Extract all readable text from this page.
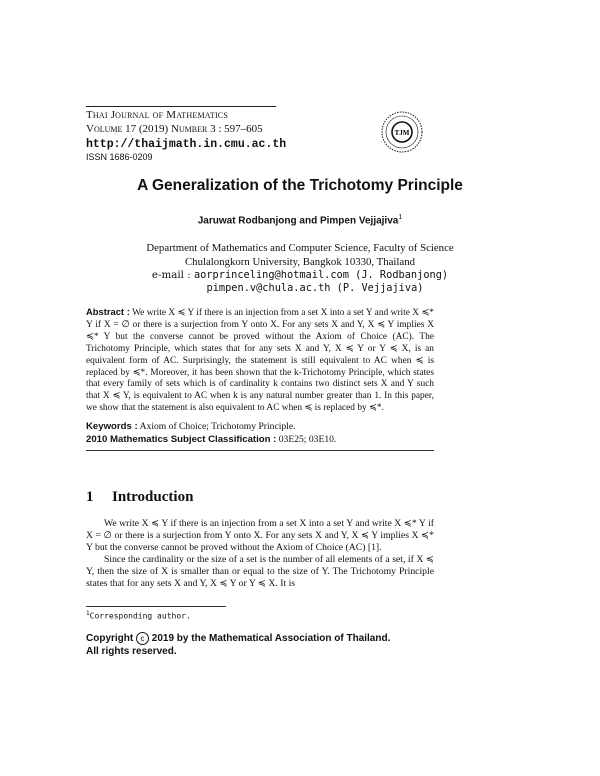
Thai Journal of Mathematics
Volume 17 (2019) Number 3 : 597–605
http://thaijmath.in.cmu.ac.th
ISSN 1686-0209
TJM
A Generalization of the Trichotomy Principle
Jaruwat Rodbanjong and Pimpen Vejjajiva$^1$
Department of Mathematics and Computer Science, Faculty of Science
Chulalongkorn University, Bangkok 10330, Thailand
e-mail : aorprinceling@hotmail.com (J. Rodbanjong)
pimpen.v@chula.ac.th (P. Vejjajiva)
Abstract : We write X ≼ Y if there is an injection from a set X into a set Y and write X ≼* Y if X = ∅ or there is a surjection from Y onto X. For any sets X and Y, X ≼ Y implies X ≼* Y but the converse cannot be proved without the Axiom of Choice (AC). The Trichotomy Principle, which states that for any sets X and Y, X ≼ Y or Y ≼ X, is an equivalent form of AC. Surprisingly, the statement is still equivalent to AC when ≼ is replaced by ≼*. Moreover, it has been shown that the k-Trichotomy Principle, which states that every family of sets which is of cardinality k contains two distinct sets X and Y such that X ≼ Y, is equivalent to AC when k is any natural number greater than 1. In this paper, we show that the statement is also equivalent to AC when ≼ is replaced by ≼*.
Keywords : Axiom of Choice; Trichotomy Principle.
2010 Mathematics Subject Classification : 03E25; 03E10.
1 Introduction

We write X ≼ Y if there is an injection from a set X into a set Y and write X ≼* Y if X = ∅ or there is a surjection from Y onto X. For any sets X and Y, X ≼ Y implies X ≼* Y but the converse cannot be proved without the Axiom of Choice (AC) [1].

Since the cardinality or the size of a set is the number of all elements of a set, if X ≼ Y, then the size of X is smaller than or equal to the size of Y. The Trichotomy Principle states that for any sets X and Y, X ≼ Y or Y ≼ X. It is

$^1$Corresponding author.
Copyright c 2019 by the Mathematical Association of Thailand.
All rights reserved.
